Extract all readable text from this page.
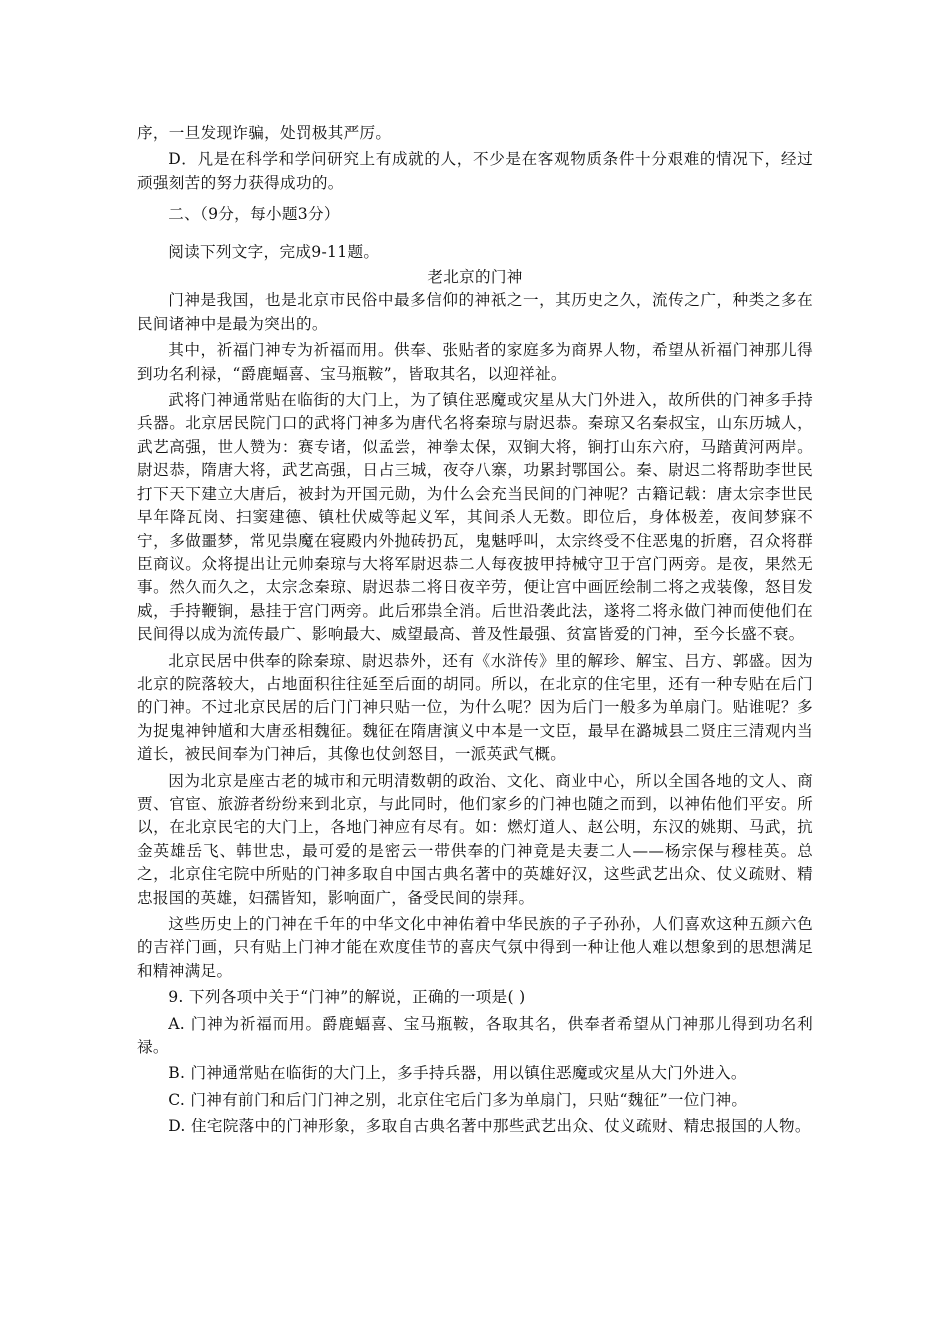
序，一旦发现诈骗，处罚极其严厉。

D．凡是在科学和学问研究上有成就的人，不少是在客观物质条件十分艰难的情况下，经过顽强刻苦的努力获得成功的。

二、（9分，每小题3分）

阅读下列文字，完成9-11题。

老北京的门神

门神是我国，也是北京市民俗中最多信仰的神祇之一，其历史之久，流传之广，种类之多在民间诸神中是最为突出的。

其中，祈福门神专为祈福而用。供奉、张贴者的家庭多为商界人物，希望从祈福门神那儿得到功名利禄，“爵鹿蝠喜、宝马瓶鞍”，皆取其名，以迎祥祉。

武将门神通常贴在临街的大门上，为了镇住恶魔或灾星从大门外进入，故所供的门神多手持兵器。北京居民院门口的武将门神多为唐代名将秦琼与尉迟恭。秦琼又名秦叔宝，山东历城人，武艺高强，世人赞为：赛专诸，似孟尝，神拳太保，双锏大将，锏打山东六府，马踏黄河两岸。尉迟恭，隋唐大将，武艺高强，日占三城，夜夺八寨，功累封鄂国公。秦、尉迟二将帮助李世民打下天下建立大唐后，被封为开国元勋，为什么会充当民间的门神呢？古籍记载：唐太宗李世民早年降瓦岗、扫窦建德、镇杜伏威等起义军，其间杀人无数。即位后，身体极差，夜间梦寐不宁，多做噩梦，常见祟魔在寝殿内外抛砖扔瓦，鬼魅呼叫，太宗终受不住恶鬼的折磨，召众将群臣商议。众将提出让元帅秦琼与大将军尉迟恭二人每夜披甲持械守卫于宫门两旁。是夜，果然无事。然久而久之，太宗念秦琼、尉迟恭二将日夜辛劳，便让宫中画匠绘制二将之戎装像，怒目发威，手持鞭锏，悬挂于宫门两旁。此后邪祟全消。后世沿袭此法，遂将二将永做门神而使他们在民间得以成为流传最广、影响最大、威望最高、普及性最强、贫富皆爱的门神，至今长盛不衰。

北京民居中供奉的除秦琼、尉迟恭外，还有《水浒传》里的解珍、解宝、吕方、郭盛。因为北京的院落较大，占地面积往往延至后面的胡同。所以，在北京的住宅里，还有一种专贴在后门的门神。不过北京民居的后门门神只贴一位，为什么呢？因为后门一般多为单扇门。贴谁呢？多为捉鬼神钟馗和大唐丞相魏征。魏征在隋唐演义中本是一文臣，最早在潞城县二贤庄三清观内当道长，被民间奉为门神后，其像也仗剑怒目，一派英武气概。

因为北京是座古老的城市和元明清数朝的政治、文化、商业中心，所以全国各地的文人、商贾、官宦、旅游者纷纷来到北京，与此同时，他们家乡的门神也随之而到，以神佑他们平安。所以，在北京民宅的大门上，各地门神应有尽有。如：燃灯道人、赵公明，东汉的姚期、马武，抗金英雄岳飞、韩世忠，最可爱的是密云一带供奉的门神竟是夫妻二人——杨宗保与穆桂英。总之，北京住宅院中所贴的门神多取自中国古典名著中的英雄好汉，这些武艺出众、仗义疏财、精忠报国的英雄，妇孺皆知，影响面广，备受民间的崇拜。

这些历史上的门神在千年的中华文化中神佑着中华民族的子子孙孙，人们喜欢这种五颜六色的吉祥门画，只有贴上门神才能在欢度佳节的喜庆气氛中得到一种让他人难以想象到的思想满足和精神满足。

9. 下列各项中关于“门神”的解说，正确的一项是( )

A. 门神为祈福而用。爵鹿蝠喜、宝马瓶鞍，各取其名，供奉者希望从门神那儿得到功名利禄。

B. 门神通常贴在临街的大门上，多手持兵器，用以镇住恶魔或灾星从大门外进入。

C. 门神有前门和后门门神之别，北京住宅后门多为单扇门，只贴“魏征”一位门神。

D. 住宅院落中的门神形象，多取自古典名著中那些武艺出众、仗义疏财、精忠报国的人物。
